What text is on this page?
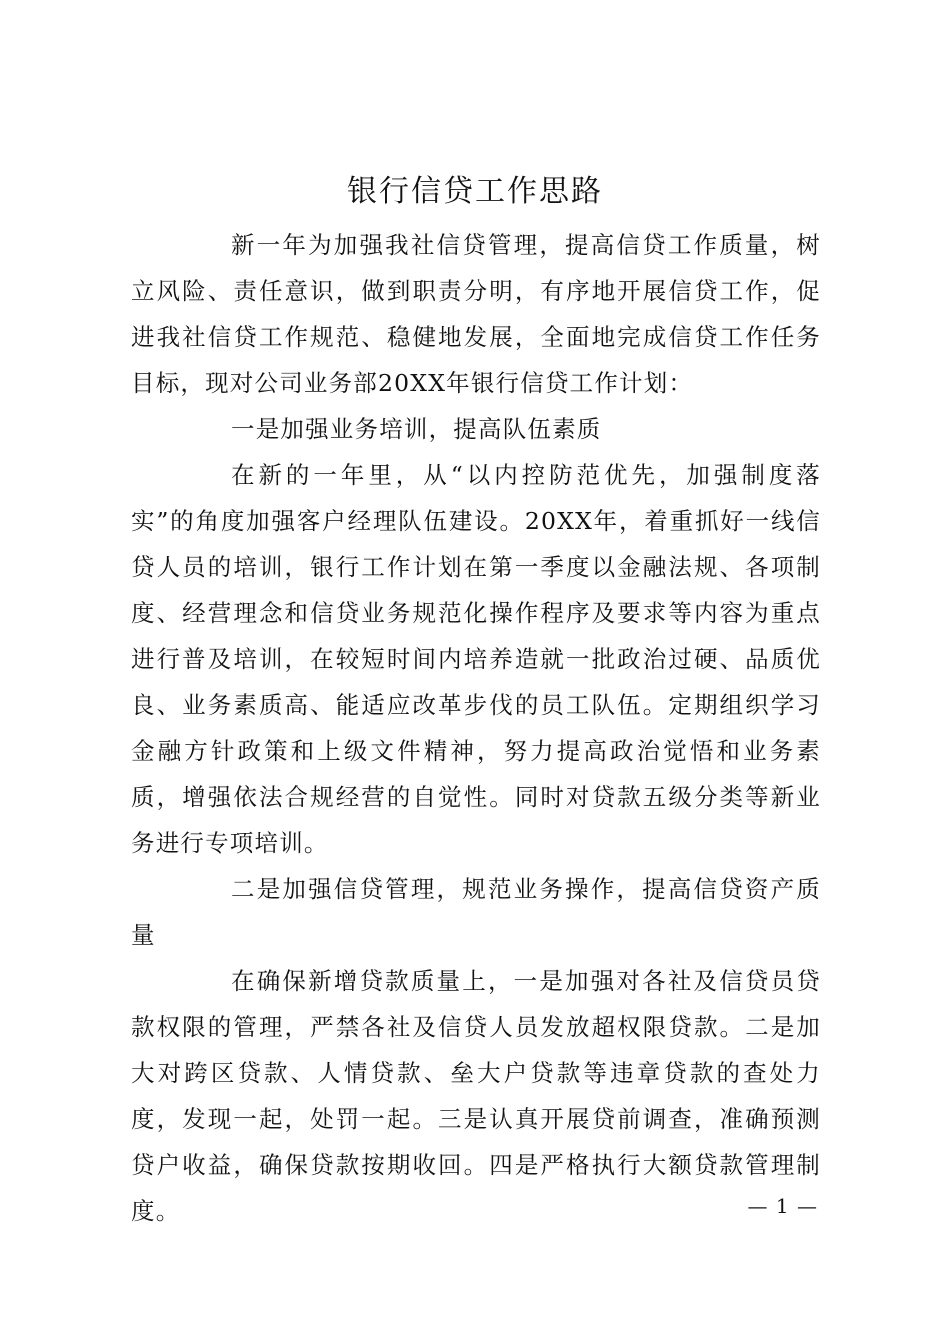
银行信贷工作思路

新一年为加强我社信贷管理，提高信贷工作质量，树立风险、责任意识，做到职责分明，有序地开展信贷工作，促进我社信贷工作规范、稳健地发展，全面地完成信贷工作任务目标，现对公司业务部20XX年银行信贷工作计划：

一是加强业务培训，提高队伍素质

在新的一年里，从“以内控防范优先，加强制度落实”的角度加强客户经理队伍建设。20XX年，着重抓好一线信贷人员的培训，银行工作计划在第一季度以金融法规、各项制度、经营理念和信贷业务规范化操作程序及要求等内容为重点进行普及培训，在较短时间内培养造就一批政治过硬、品质优良、业务素质高、能适应改革步伐的员工队伍。定期组织学习金融方针政策和上级文件精神，努力提高政治觉悟和业务素质，增强依法合规经营的自觉性。同时对贷款五级分类等新业务进行专项培训。

二是加强信贷管理，规范业务操作，提高信贷资产质量

在确保新增贷款质量上，一是加强对各社及信贷员贷款权限的管理，严禁各社及信贷人员发放超权限贷款。二是加大对跨区贷款、人情贷款、垒大户贷款等违章贷款的查处力度，发现一起，处罚一起。三是认真开展贷前调查，准确预测贷户收益，确保贷款按期收回。四是严格执行大额贷款管理制度。	— 1 —
